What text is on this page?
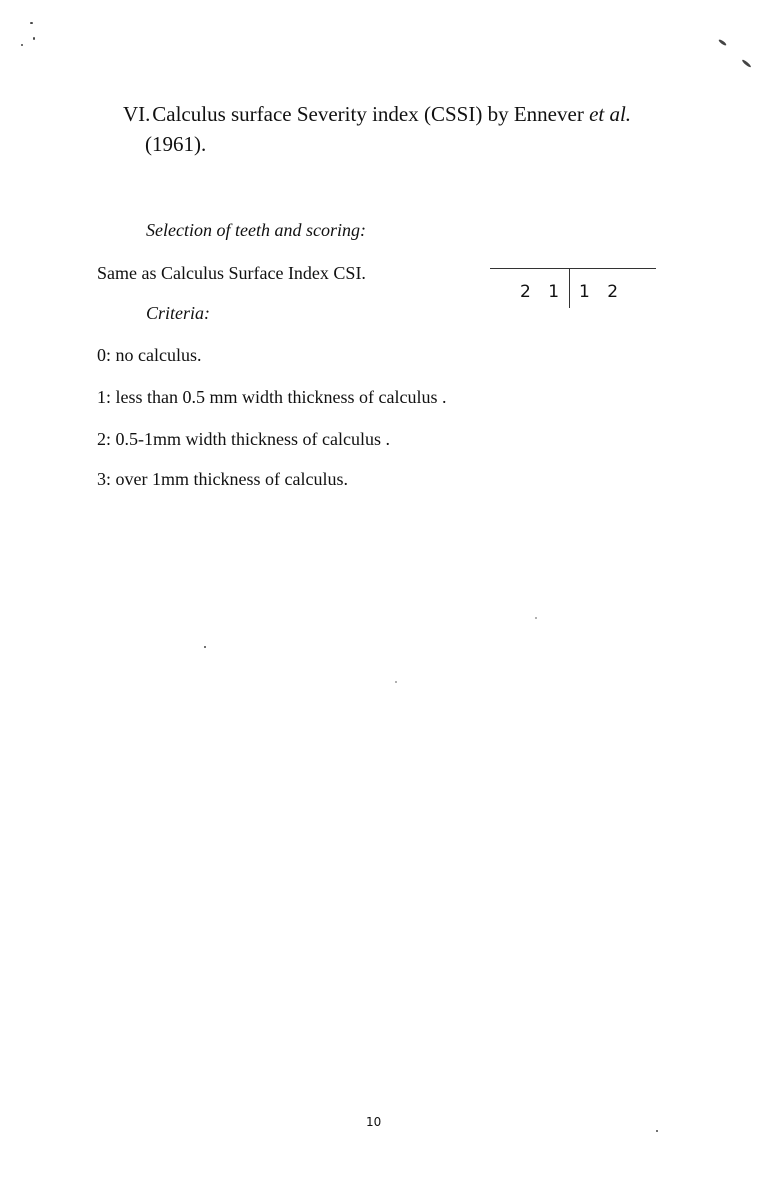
VI. Calculus surface Severity index (CSSI) by Ennever et al.
(1961).
Selection of teeth and scoring:
Same as Calculus Surface Index CSI.
2 1 1 2
Criteria:
0: no calculus.
1: less than 0.5 mm width thickness of calculus .
2: 0.5-1mm width thickness of calculus .
3: over 1mm thickness of calculus.
10
